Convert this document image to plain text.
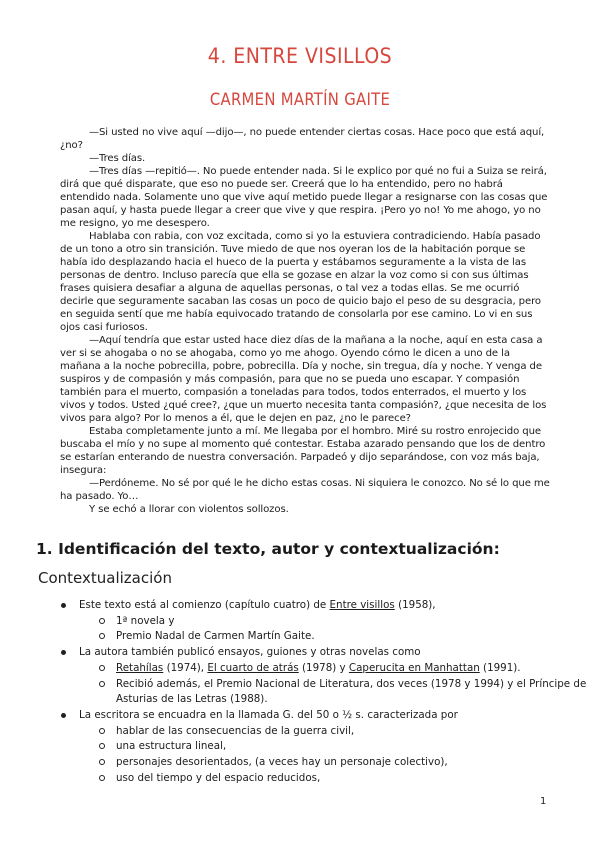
4. ENTRE VISILLOS
CARMEN MARTÍN GAITE

—Si usted no vive aquí —dijo—, no puede entender ciertas cosas. Hace poco que está aquí, ¿no?

—Tres días.

—Tres días —repitió—. No puede entender nada. Si le explico por qué no fui a Suiza se reirá, dirá que qué disparate, que eso no puede ser. Creerá que lo ha entendido, pero no habrá entendido nada. Solamente uno que vive aquí metido puede llegar a resignarse con las cosas que pasan aquí, y hasta puede llegar a creer que vive y que respira. ¡Pero yo no! Yo me ahogo, yo no me resigno, yo me desespero.

Hablaba con rabia, con voz excitada, como si yo la estuviera contradiciendo. Había pasado de un tono a otro sin transición. Tuve miedo de que nos oyeran los de la habitación porque se había ido desplazando hacia el hueco de la puerta y estábamos seguramente a la vista de las personas de dentro. Incluso parecía que ella se gozase en alzar la voz como si con sus últimas frases quisiera desafiar a alguna de aquellas personas, o tal vez a todas ellas. Se me ocurrió decirle que seguramente sacaban las cosas un poco de quicio bajo el peso de su desgracia, pero en seguida sentí que me había equivocado tratando de consolarla por ese camino. Lo vi en sus ojos casi furiosos.

—Aquí tendría que estar usted hace diez días de la mañana a la noche, aquí en esta casa a ver si se ahogaba o no se ahogaba, como yo me ahogo. Oyendo cómo le dicen a uno de la mañana a la noche pobrecilla, pobre, pobrecilla. Día y noche, sin tregua, día y noche. Y venga de suspiros y de compasión y más compasión, para que no se pueda uno escapar. Y compasión también para el muerto, compasión a toneladas para todos, todos enterrados, el muerto y los vivos y todos. Usted ¿qué cree?, ¿que un muerto necesita tanta compasión?, ¿que necesita de los vivos para algo? Por lo menos a él, que le dejen en paz, ¿no le parece?

Estaba completamente junto a mí. Me llegaba por el hombro. Miré su rostro enrojecido que buscaba el mío y no supe al momento qué contestar. Estaba azarado pensando que los de dentro se estarían enterando de nuestra conversación. Parpadeó y dijo separándose, con voz más baja, insegura:

—Perdóneme. No sé por qué le he dicho estas cosas. Ni siquiera le conozco. No sé lo que me ha pasado. Yo…

Y se echó a llorar con violentos sollozos.

1. Identificación del texto, autor y contextualización:
Contextualización
Este texto está al comienzo (capítulo cuatro) de Entre visillos (1958),
1ª novela y
Premio Nadal de Carmen Martín Gaite.
La autora también publicó ensayos, guiones y otras novelas como
Retahílas (1974), El cuarto de atrás (1978) y Caperucita en Manhattan (1991).
Recibió además, el Premio Nacional de Literatura, dos veces (1978 y 1994) y el Príncipe de Asturias de las Letras (1988).
La escritora se encuadra en la llamada G. del 50 o ½ s. caracterizada por
hablar de las consecuencias de la guerra civil,
una estructura lineal,
personajes desorientados, (a veces hay un personaje colectivo),
uso del tiempo y del espacio reducidos,
1
